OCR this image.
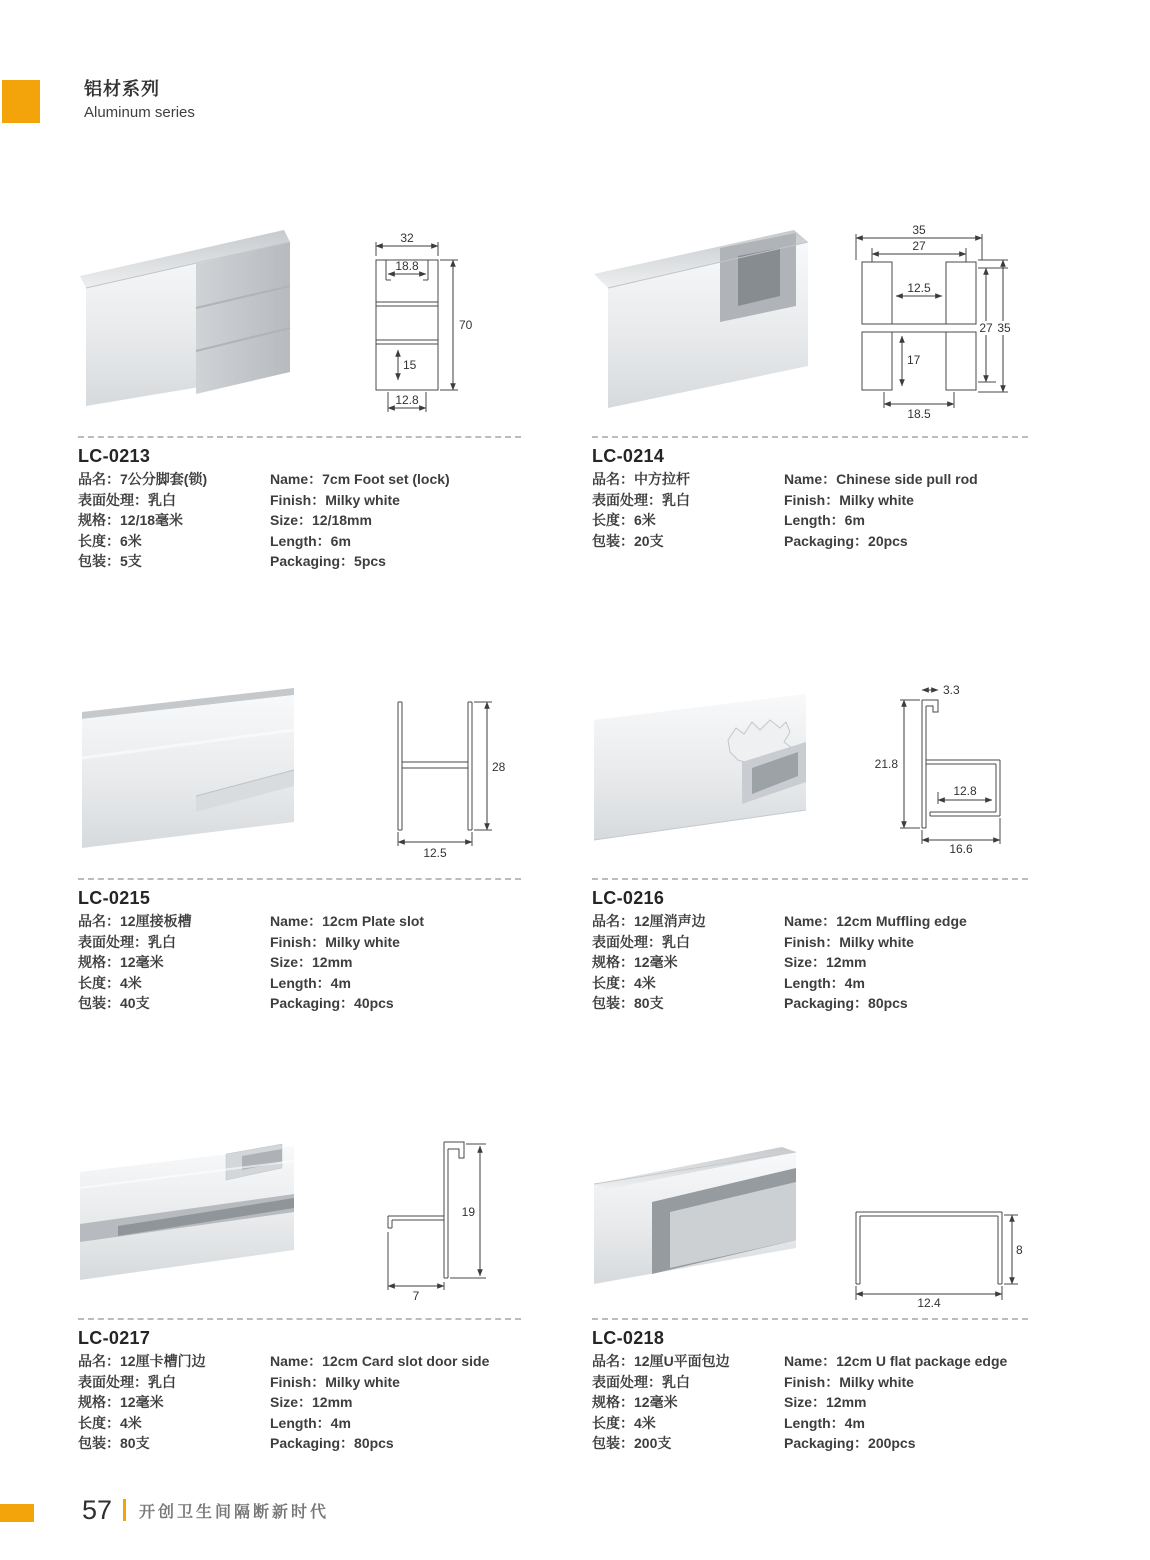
铝材系列
Aluminum series
32
18.8
70
15
12.8
LC-0213
品名：7公分脚套(锁)	Name：7cm Foot set (lock)
表面处理：乳白	Finish：Milky white
规格：12/18毫米	Size：12/18mm
长度：6米	Length：6m
包装：5支	Packaging：5pcs
35
27
12.5
17
27 35
18.5
LC-0214
品名：中方拉杆	Name：Chinese side pull rod
表面处理：乳白	Finish：Milky white
长度：6米	Length：6m
包装：20支	Packaging：20pcs
28
12.5
LC-0215
品名：12厘接板槽	Name：12cm Plate slot
表面处理：乳白	Finish：Milky white
规格：12毫米	Size：12mm
长度：4米	Length：4m
包装：40支	Packaging：40pcs
3.3
21.8
12.8
16.6
LC-0216
品名：12厘消声边	Name：12cm Muffling edge
表面处理：乳白	Finish：Milky white
规格：12毫米	Size：12mm
长度：4米	Length：4m
包装：80支	Packaging：80pcs
19
7
LC-0217
品名：12厘卡槽门边	Name：12cm Card slot door side
表面处理：乳白	Finish：Milky white
规格：12毫米	Size：12mm
长度：4米	Length：4m
包装：80支	Packaging：80pcs
8
12.4
LC-0218
品名：12厘U平面包边	Name：12cm U flat package edge
表面处理：乳白	Finish：Milky white
规格：12毫米	Size：12mm
长度：4米	Length：4m
包装：200支	Packaging：200pcs
57 开创卫生间隔断新时代
